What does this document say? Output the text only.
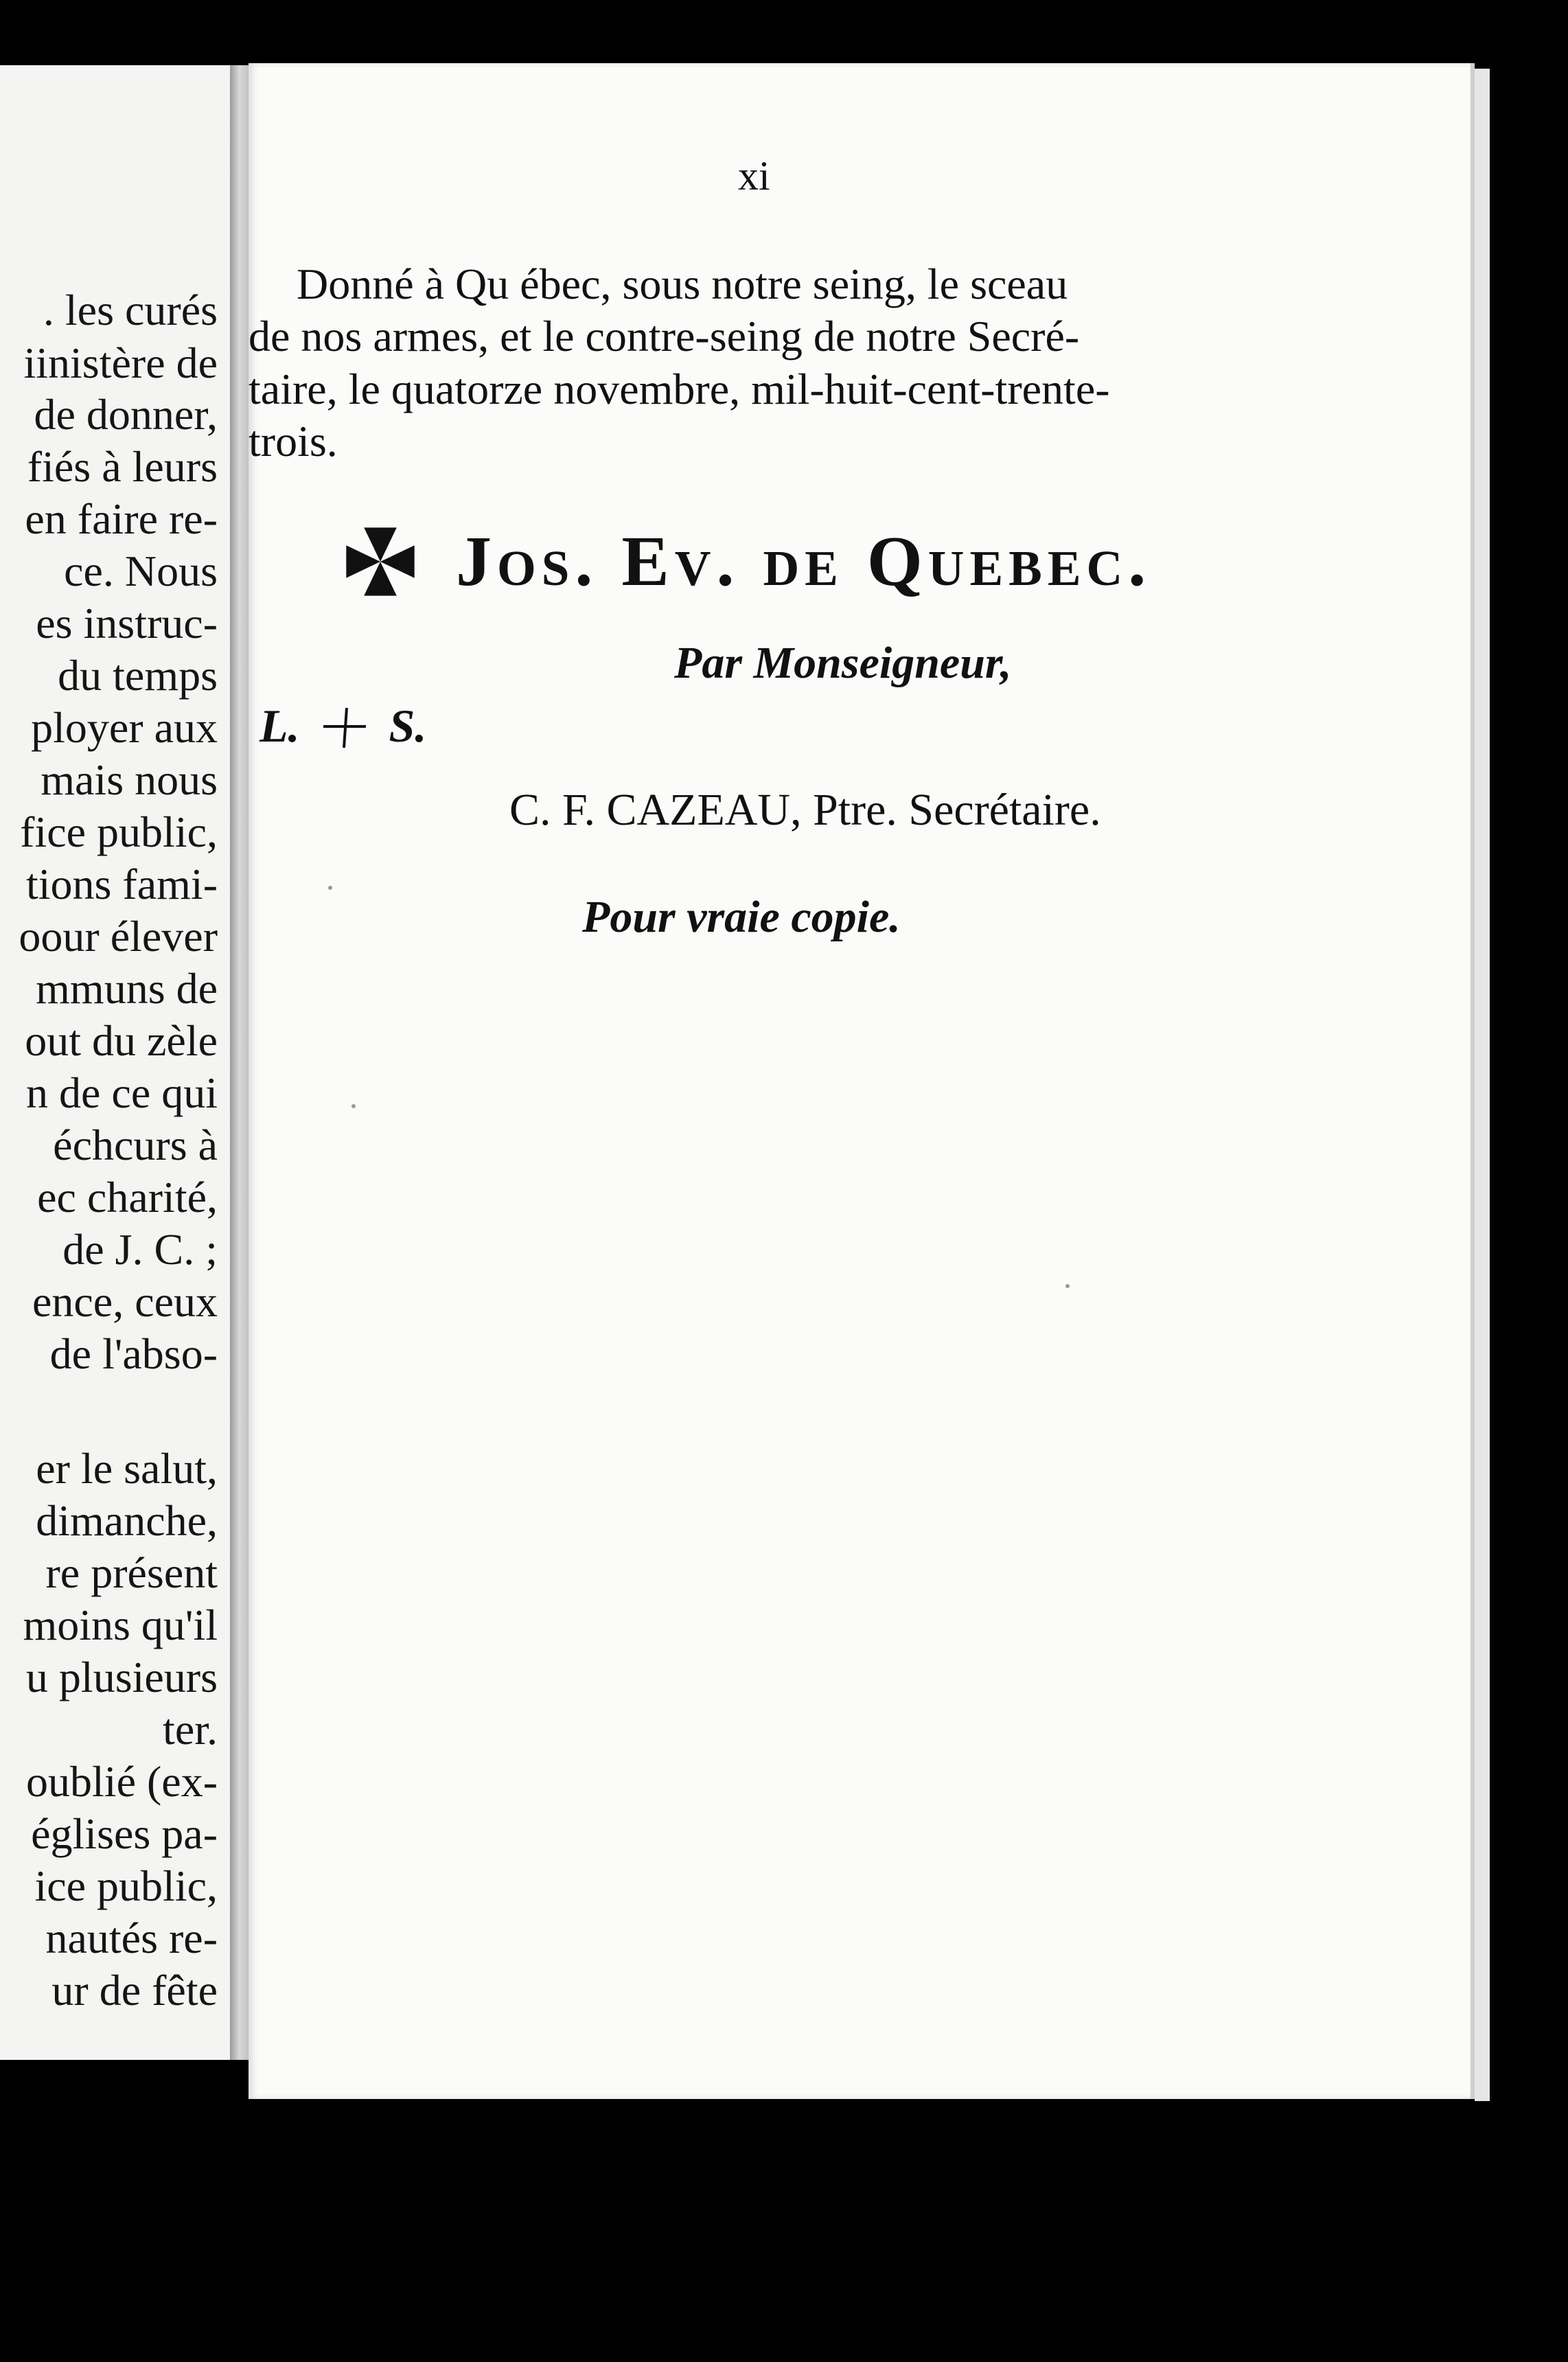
. les curés
iinistère de
de donner,
fiés à leurs
en faire re-
ce. Nous
es instruc-
du temps
ployer aux
mais nous
fice public,
tions fami-
oour élever
mmuns de
out du zèle
n de ce qui
échcurs à
ec charité,
de J. C. ;
ence, ceux
de l'abso-
er le salut,
dimanche,
re présent
moins qu'il
u plusieurs
ter.
oublié (ex-
églises pa-
ice public,
nautés re-
ur de fête
xi
Donné à Qu ébec, sous notre seing, le sceau
de nos armes, et le contre-seing de notre Secré-
taire, le quatorze novembre, mil-huit-cent-trente-
trois.
Jos. Ev. de Quebec.
Par Monseigneur,
L. S.
C. F. CAZEAU, Ptre. Secrétaire.
Pour vraie copie.
